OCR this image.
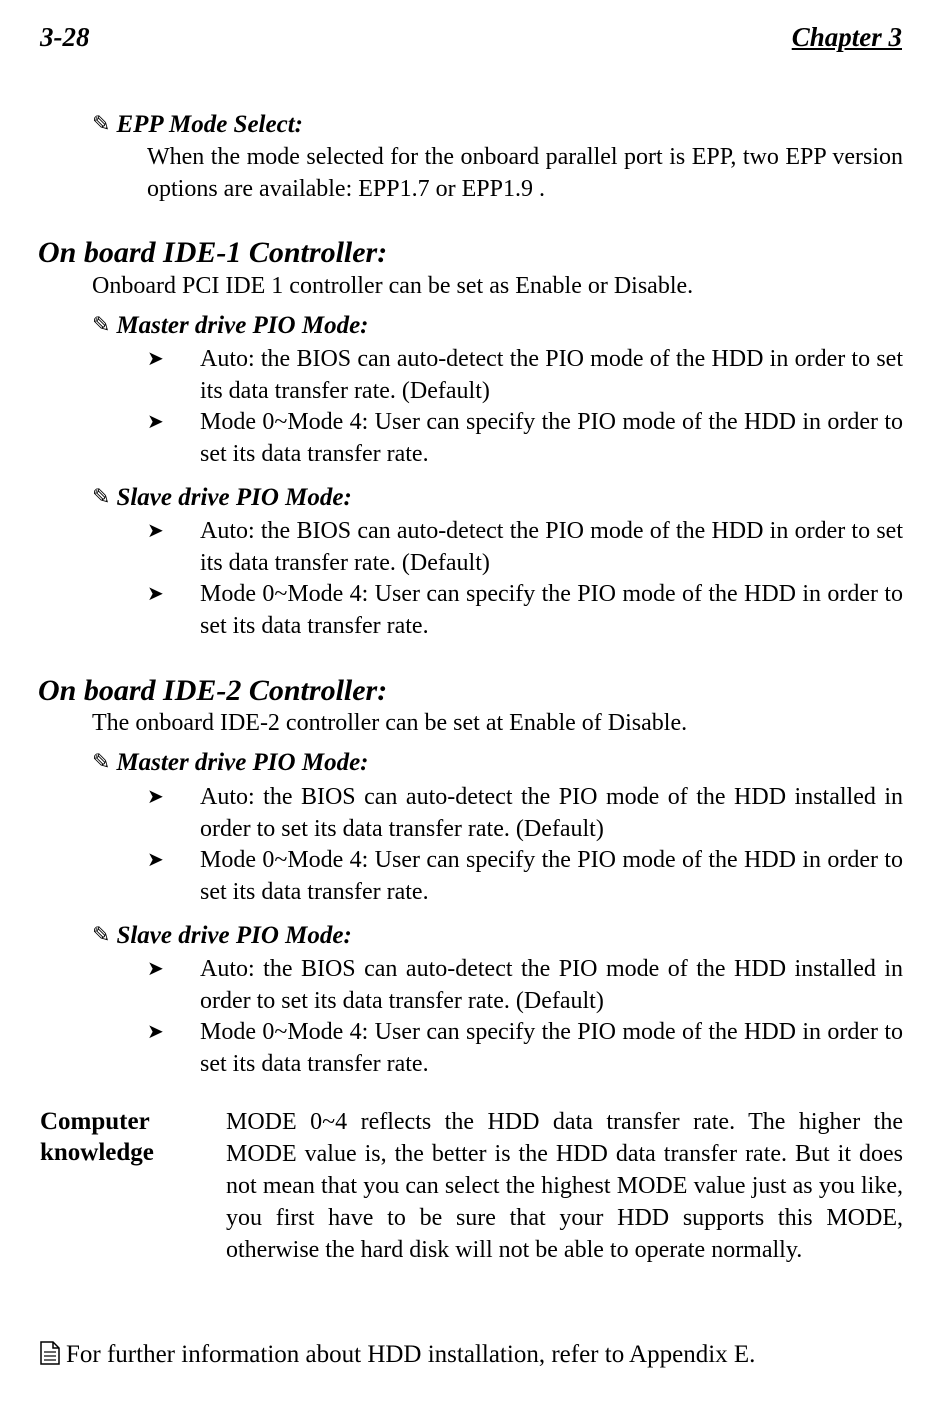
3-28	Chapter 3
✎ EPP Mode Select:
When the mode selected for the onboard parallel port is EPP, two EPP version options are available: EPP1.7 or EPP1.9 .
On board IDE-1 Controller:
Onboard PCI IDE 1 controller can be set as Enable or Disable.
✎ Master drive PIO Mode:
➤ Auto: the BIOS can auto-detect the PIO mode of the HDD in order to set its data transfer rate. (Default)
➤ Mode 0~Mode 4: User can specify the PIO mode of the HDD in order to set its data transfer rate.
✎ Slave drive PIO Mode:
➤ Auto: the BIOS can auto-detect the PIO mode of the HDD in order to set its data transfer rate. (Default)
➤ Mode 0~Mode 4: User can specify the PIO mode of the HDD in order to set its data transfer rate.
On board IDE-2 Controller:
The onboard IDE-2 controller can be set at Enable of Disable.
✎ Master drive PIO Mode:
➤ Auto: the BIOS can auto-detect the PIO mode of the HDD installed in order to set its data transfer rate. (Default)
➤ Mode 0~Mode 4: User can specify the PIO mode of the HDD in order to set its data transfer rate.
✎ Slave drive PIO Mode:
➤ Auto: the BIOS can auto-detect the PIO mode of the HDD installed in order to set its data transfer rate. (Default)
➤ Mode 0~Mode 4: User can specify the PIO mode of the HDD in order to set its data transfer rate.
Computer
knowledge
MODE 0~4 reflects the HDD data transfer rate. The higher the MODE value is, the better is the HDD data transfer rate. But it does not mean that you can select the highest MODE value just as you like, you first have to be sure that your HDD supports this MODE, otherwise the hard disk will not be able to operate normally.
For further information about HDD installation, refer to Appendix E.
